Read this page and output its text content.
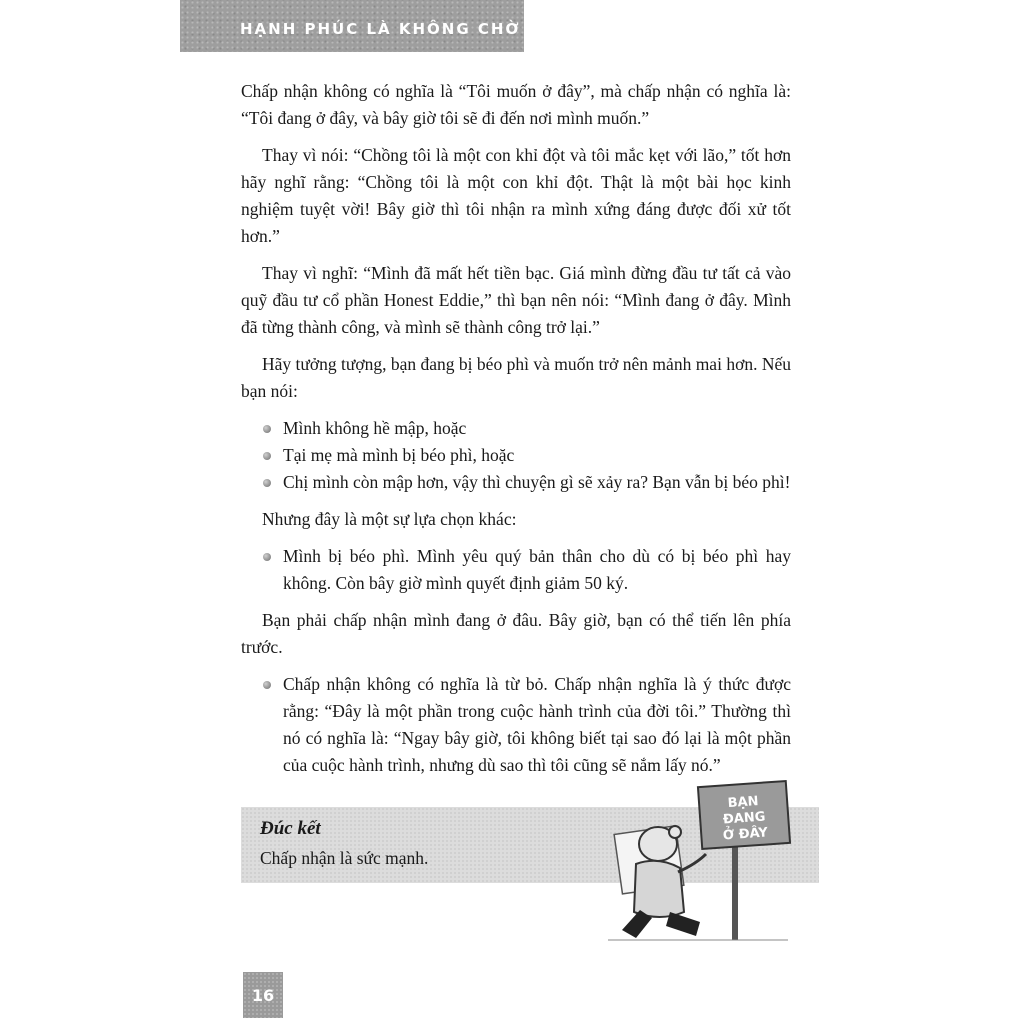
HẠNH PHÚC LÀ KHÔNG CHỜ ĐỢI

Chấp nhận không có nghĩa là “Tôi muốn ở đây”, mà chấp nhận có nghĩa là: “Tôi đang ở đây, và bây giờ tôi sẽ đi đến nơi mình muốn.”

Thay vì nói: “Chồng tôi là một con khỉ đột và tôi mắc kẹt với lão,” tốt hơn hãy nghĩ rằng: “Chồng tôi là một con khỉ đột. Thật là một bài học kinh nghiệm tuyệt vời! Bây giờ thì tôi nhận ra mình xứng đáng được đối xử tốt hơn.”

Thay vì nghĩ: “Mình đã mất hết tiền bạc. Giá mình đừng đầu tư tất cả vào quỹ đầu tư cổ phần Honest Eddie,” thì bạn nên nói: “Mình đang ở đây. Mình đã từng thành công, và mình sẽ thành công trở lại.”

Hãy tưởng tượng, bạn đang bị béo phì và muốn trở nên mảnh mai hơn. Nếu bạn nói:

Mình không hề mập, hoặc
Tại mẹ mà mình bị béo phì, hoặc
Chị mình còn mập hơn, vậy thì chuyện gì sẽ xảy ra? Bạn vẫn bị béo phì!

Nhưng đây là một sự lựa chọn khác:

Mình bị béo phì. Mình yêu quý bản thân cho dù có bị béo phì hay không. Còn bây giờ mình quyết định giảm 50 ký.

Bạn phải chấp nhận mình đang ở đâu. Bây giờ, bạn có thể tiến lên phía trước.

Chấp nhận không có nghĩa là từ bỏ. Chấp nhận nghĩa là ý thức được rằng: “Đây là một phần trong cuộc hành trình của đời tôi.” Thường thì nó có nghĩa là: “Ngay bây giờ, tôi không biết tại sao đó lại là một phần của cuộc hành trình, nhưng dù sao thì tôi cũng sẽ nắm lấy nó.”
Đúc kết
Chấp nhận là sức mạnh.
BẠN
ĐANG
Ở ĐÂY
16
